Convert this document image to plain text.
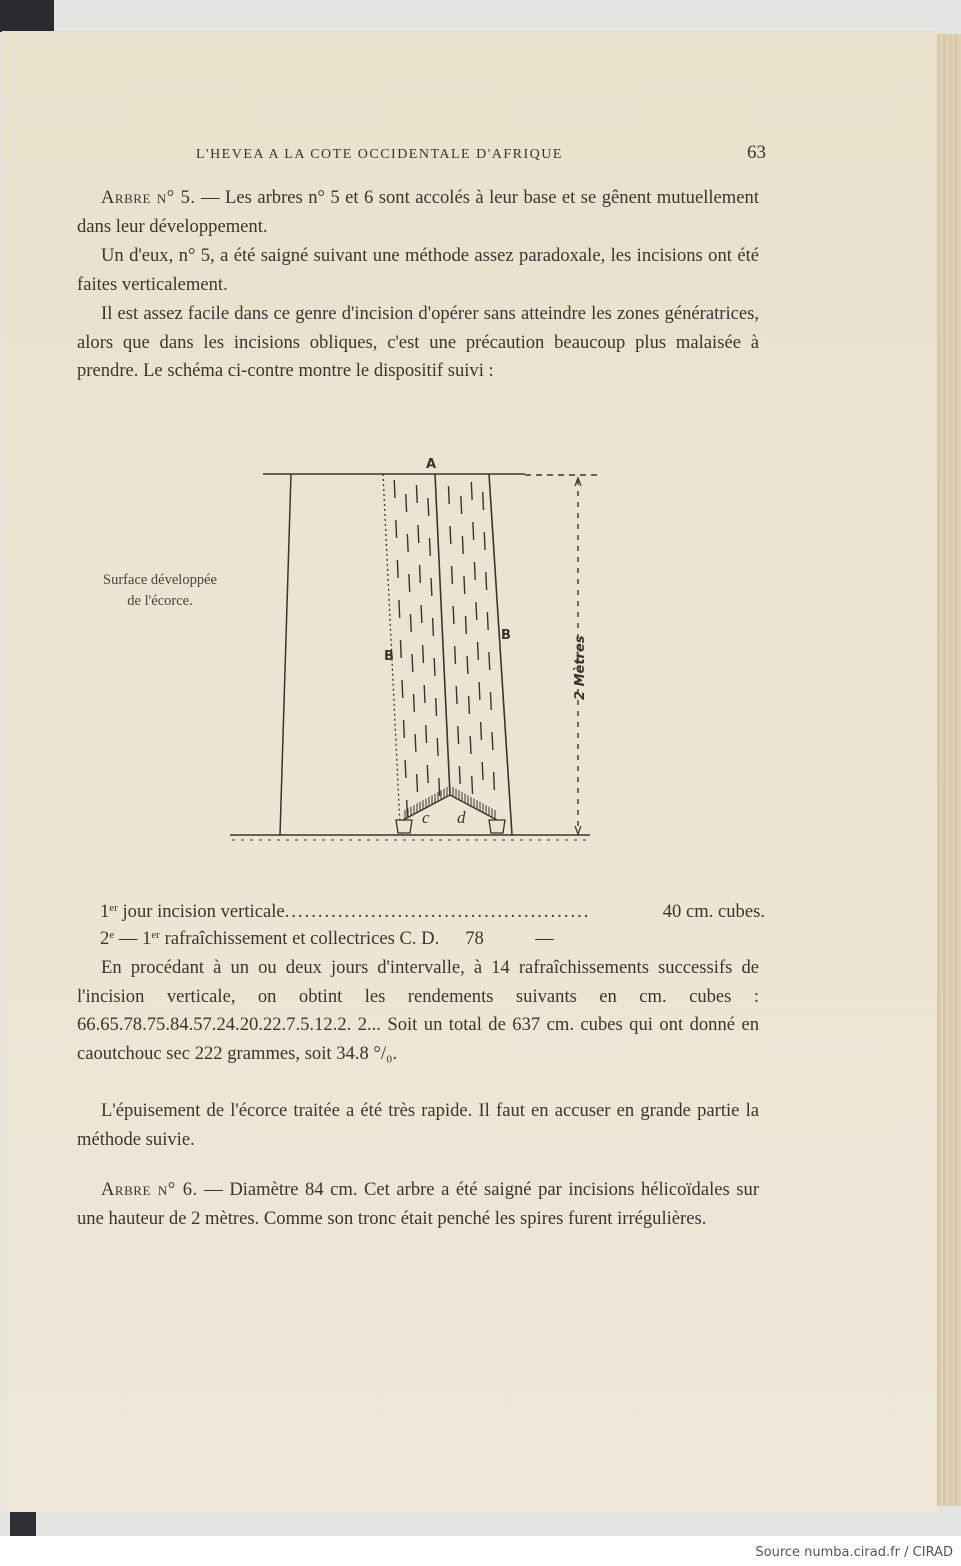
L'HEVEA A LA COTE OCCIDENTALE D'AFRIQUE	63
Arbre n° 5. — Les arbres n° 5 et 6 sont accolés à leur base et se gênent mutuellement dans leur développement.
Un d'eux, n° 5, a été saigné suivant une méthode assez paradoxale, les incisions ont été faites verticalement.
Il est assez facile dans ce genre d'incision d'opérer sans atteindre les zones génératrices, alors que dans les incisions obliques, c'est une précaution beaucoup plus malaisée à prendre. Le schéma ci-contre montre le dispositif suivi :
Surface développée de l'écorce.
A
B
B
c d
2 Mètres
1er jour incision verticale ..............................................	40 cm. cubes.
2e — 1er rafraîchissement et collectrices C. D. 78	—
En procédant à un ou deux jours d'intervalle, à 14 rafraîchissements successifs de l'incision verticale, on obtint les rendements suivants en cm. cubes : 66.65.78.75.84.57.24.20.22.7.5.12.2. 2... Soit un total de 637 cm. cubes qui ont donné en caoutchouc sec 222 grammes, soit 34.8 °/₀.
L'épuisement de l'écorce traitée a été très rapide. Il faut en accuser en grande partie la méthode suivie.
Arbre n° 6. — Diamètre 84 cm. Cet arbre a été saigné par incisions hélicoïdales sur une hauteur de 2 mètres. Comme son tronc était penché les spires furent irrégulières.
Source numba.cirad.fr / CIRAD
